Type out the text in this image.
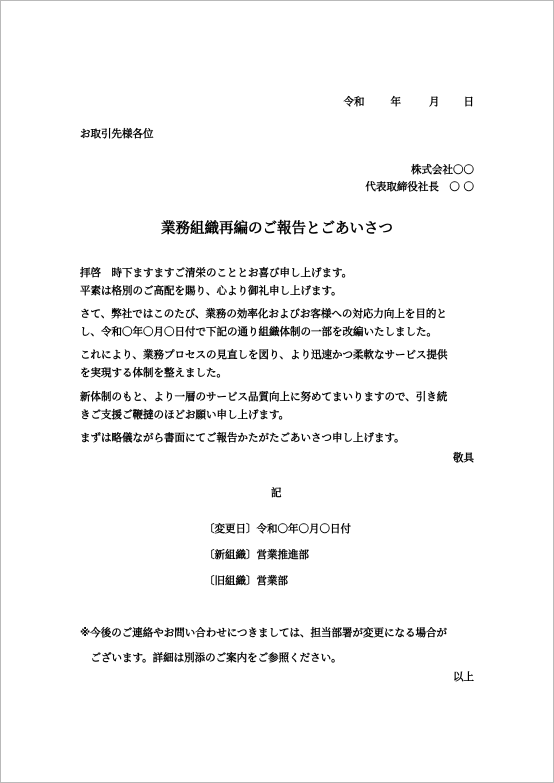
令和 年	月 日
お取引先様各位
株式会社〇〇
代表取締役社長　〇 〇
業務組織再編のご報告とごあいさつ
拝啓　時下ますますご清栄のこととお喜び申し上げます。
平素は格別のご高配を賜り、心より御礼申し上げます。
さて、弊社ではこのたび、業務の効率化およびお客様への対応力向上を目的と
し、令和〇年〇月〇日付で下記の通り組織体制の一部を改編いたしました。
これにより、業務プロセスの見直しを図り、より迅速かつ柔軟なサービス提供
を実現する体制を整えました。
新体制のもと、より一層のサービス品質向上に努めてまいりますので、引き続
きご支援ご鞭撻のほどお願い申し上げます。
まずは略儀ながら書面にてご報告かたがたごあいさつ申し上げます。
敬具
記
〔変更日〕令和〇年〇月〇日付
〔新組織〕営業推進部
〔旧組織〕営業部
※今後のご連絡やお問い合わせにつきましては、担当部署が変更になる場合が
　ございます。詳細は別添のご案内をご参照ください。
以上
